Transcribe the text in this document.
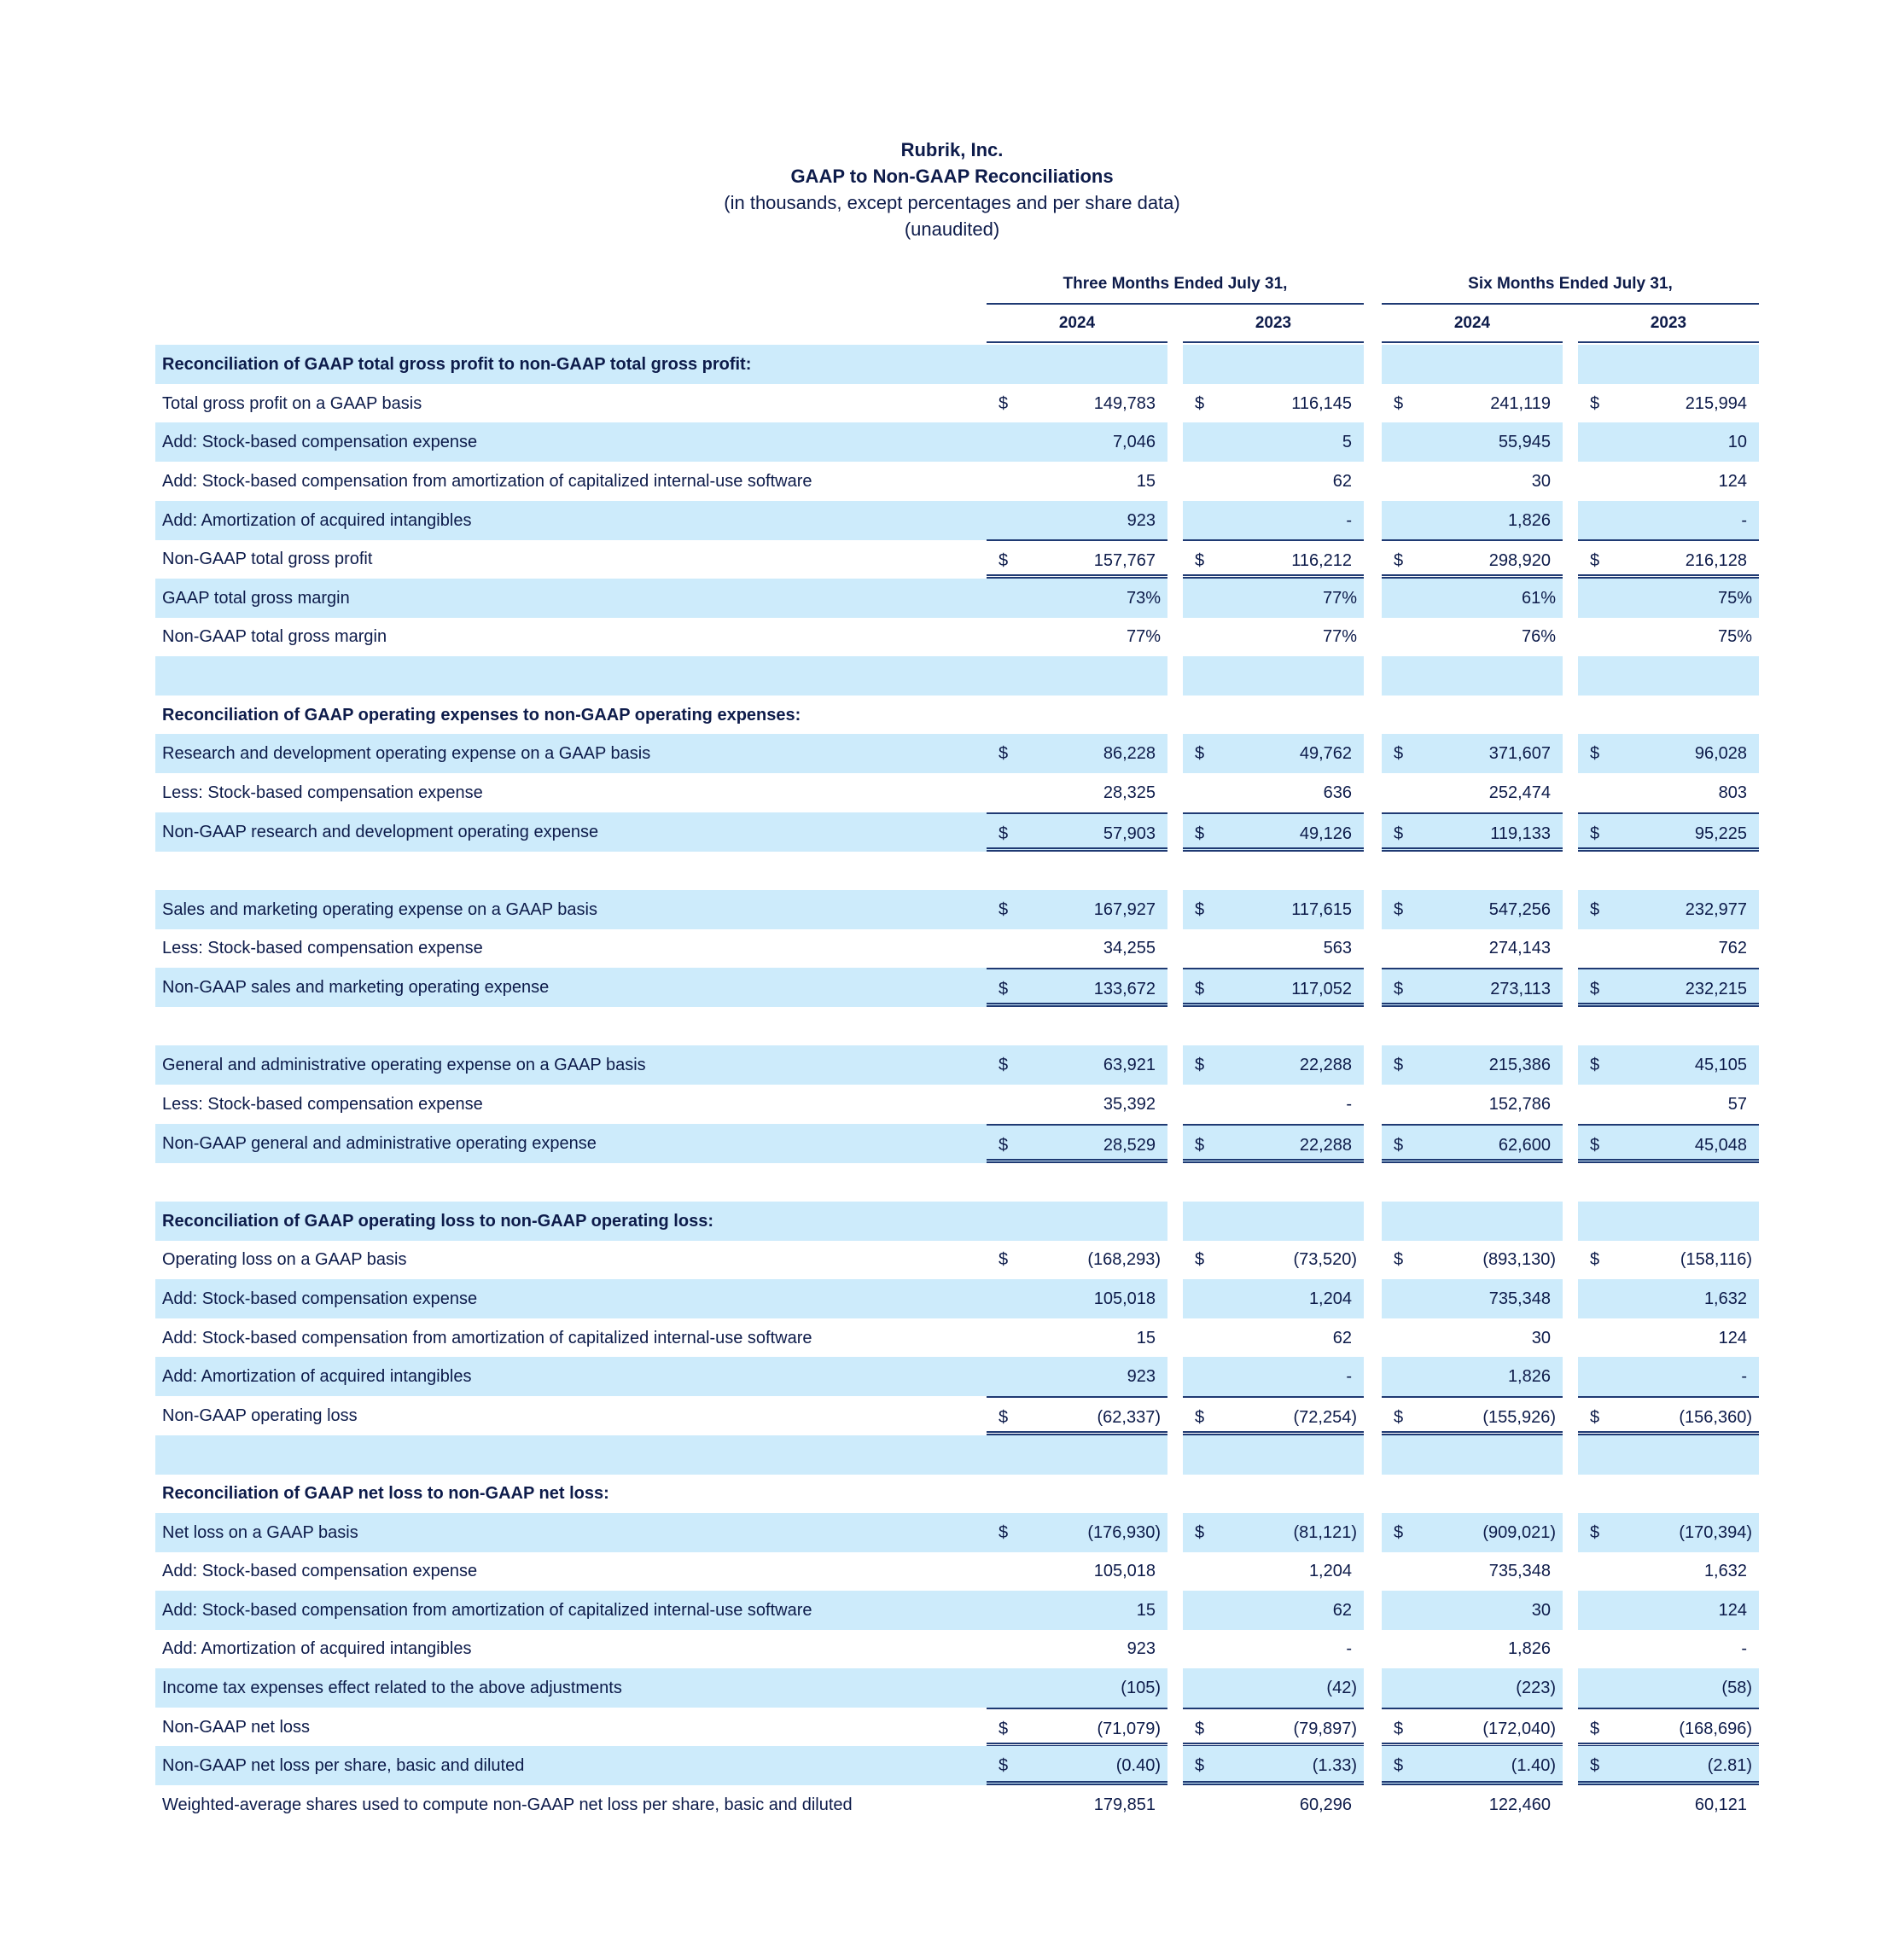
Rubrik, Inc.
GAAP to Non-GAAP Reconciliations
(in thousands, except percentages and per share data)
(unaudited)
Three Months Ended July 31,	Six Months Ended July 31,
2024	2023	2024	2023
Reconciliation of GAAP total gross profit to non-GAAP total gross profit:
Total gross profit on a GAAP basis	$	149,783 $	116,145 $	241,119 $	215,994
Add: Stock-based compensation expense	7,046	5	55,945	10
Add: Stock-based compensation from amortization of capitalized internal-use software	15	62	30	124
Add: Amortization of acquired intangibles	923	-	1,826	-
Non-GAAP total gross profit	$	157,767 $	116,212 $	298,920 $	216,128
GAAP total gross margin	73%	77%	61%	75%
Non-GAAP total gross margin	77%	77%	76%	75%
Reconciliation of GAAP operating expenses to non-GAAP operating expenses:
Research and development operating expense on a GAAP basis	$	86,228 $	49,762 $	371,607 $	96,028
Less: Stock-based compensation expense	28,325	636	252,474	803
Non-GAAP research and development operating expense	$	57,903 $	49,126 $	119,133 $	95,225
Sales and marketing operating expense on a GAAP basis	$	167,927 $	117,615 $	547,256 $	232,977
Less: Stock-based compensation expense	34,255	563	274,143	762
Non-GAAP sales and marketing operating expense	$	133,672 $	117,052 $	273,113 $	232,215
General and administrative operating expense on a GAAP basis	$	63,921 $	22,288 $	215,386 $	45,105
Less: Stock-based compensation expense	35,392	-	152,786	57
Non-GAAP general and administrative operating expense	$	28,529 $	22,288 $	62,600 $	45,048
Reconciliation of GAAP operating loss to non-GAAP operating loss:
Operating loss on a GAAP basis	$	(168,293) $	(73,520) $	(893,130) $	(158,116)
Add: Stock-based compensation expense	105,018	1,204	735,348	1,632
Add: Stock-based compensation from amortization of capitalized internal-use software	15	62	30	124
Add: Amortization of acquired intangibles	923	-	1,826	-
Non-GAAP operating loss	$	(62,337) $	(72,254) $	(155,926) $	(156,360)
Reconciliation of GAAP net loss to non-GAAP net loss:
Net loss on a GAAP basis	$	(176,930) $	(81,121) $	(909,021) $	(170,394)
Add: Stock-based compensation expense	105,018	1,204	735,348	1,632
Add: Stock-based compensation from amortization of capitalized internal-use software	15	62	30	124
Add: Amortization of acquired intangibles	923	-	1,826	-
Income tax expenses effect related to the above adjustments	(105)	(42)	(223)	(58)
Non-GAAP net loss	$	(71,079) $	(79,897) $	(172,040) $	(168,696)
Non-GAAP net loss per share, basic and diluted	$	(0.40) $	(1.33) $	(1.40) $	(2.81)
Weighted-average shares used to compute non-GAAP net loss per share, basic and diluted	179,851	60,296	122,460	60,121
